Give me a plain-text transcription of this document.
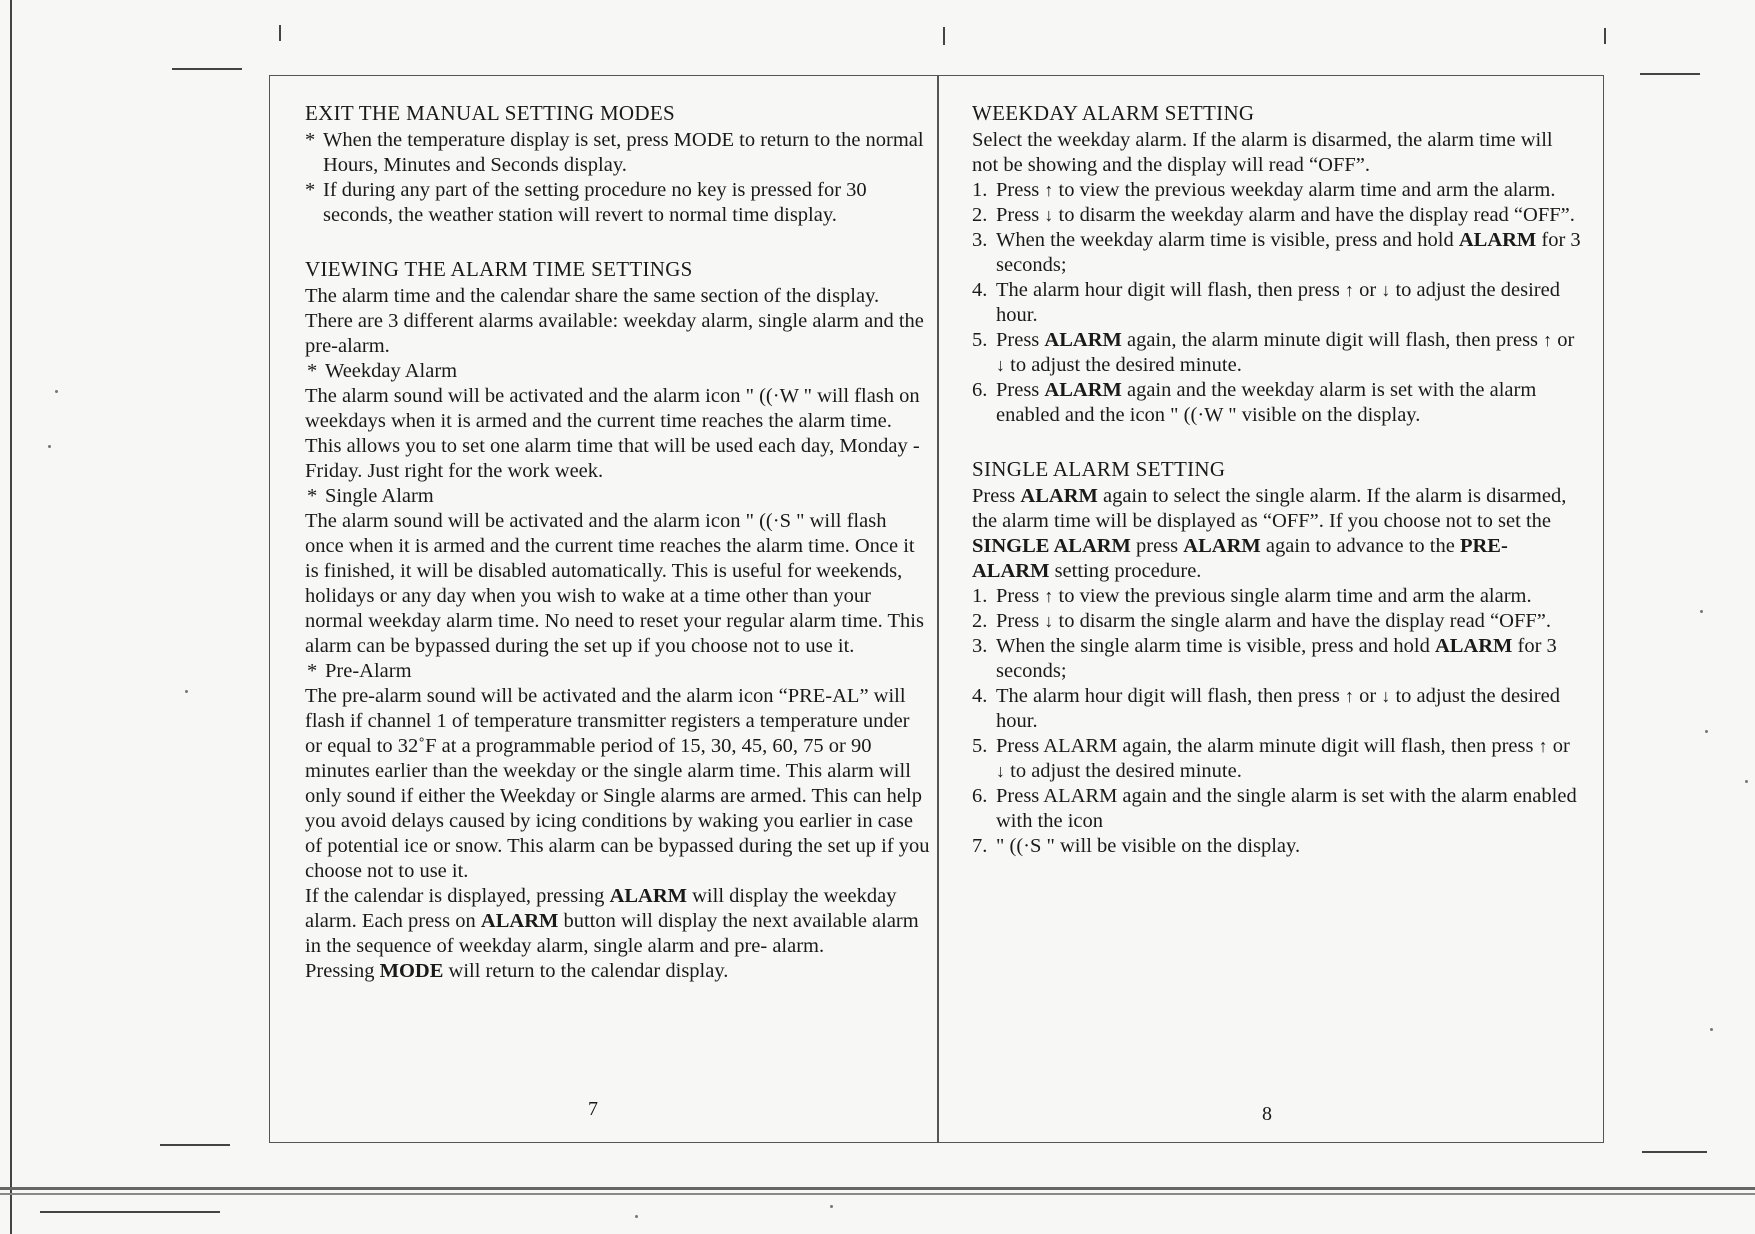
EXIT THE MANUAL SETTING MODES
* When the temperature display is set, press MODE to return to the normal Hours, Minutes and Seconds display.
* If during any part of the setting procedure no key is pressed for 30 seconds, the weather station will revert to normal time display.
VIEWING THE ALARM TIME SETTINGS

The alarm time and the calendar share the same section of the display.

There are 3 different alarms available: weekday alarm, single alarm and the pre-alarm.

* Weekday Alarm

The alarm sound will be activated and the alarm icon " ((·W " will flash on weekdays when it is armed and the current time reaches the alarm time. This allows you to set one alarm time that will be used each day, Monday - Friday. Just right for the work week.

* Single Alarm

The alarm sound will be activated and the alarm icon " ((·S " will flash once when it is armed and the current time reaches the alarm time. Once it is finished, it will be disabled automatically. This is useful for weekends, holidays or any day when you wish to wake at a time other than your normal weekday alarm time. No need to reset your regular alarm time. This alarm can be bypassed during the set up if you choose not to use it.

* Pre-Alarm

The pre-alarm sound will be activated and the alarm icon “PRE-AL” will flash if channel 1 of temperature transmitter registers a temperature under or equal to 32˚F at a programmable period of 15, 30, 45, 60, 75 or 90 minutes earlier than the weekday or the single alarm time. This alarm will only sound if either the Weekday or Single alarms are armed. This can help you avoid delays caused by icing conditions by waking you earlier in case of potential ice or snow. This alarm can be bypassed during the set up if you choose not to use it.

If the calendar is displayed, pressing ALARM will display the weekday alarm. Each press on ALARM button will display the next available alarm in the sequence of weekday alarm, single alarm and pre- alarm.

Pressing MODE will return to the calendar display.

7
WEEKDAY ALARM SETTING

Select the weekday alarm. If the alarm is disarmed, the alarm time will not be showing and the display will read “OFF”.

1. Press ↑ to view the previous weekday alarm time and arm the alarm.
2. Press ↓ to disarm the weekday alarm and have the display read “OFF”.
3. When the weekday alarm time is visible, press and hold ALARM for 3 seconds;
4. The alarm hour digit will flash, then press ↑ or ↓ to adjust the desired hour.
5. Press ALARM again, the alarm minute digit will flash, then press ↑ or ↓ to adjust the desired minute.
6. Press ALARM again and the weekday alarm is set with the alarm enabled and the icon " ((·W " visible on the display.
SINGLE ALARM SETTING

Press ALARM again to select the single alarm. If the alarm is disarmed, the alarm time will be displayed as “OFF”. If you choose not to set the SINGLE ALARM press ALARM again to advance to the PRE-ALARM setting procedure.

1. Press ↑ to view the previous single alarm time and arm the alarm.
2. Press ↓ to disarm the single alarm and have the display read “OFF”.
3. When the single alarm time is visible, press and hold ALARM for 3 seconds;
4. The alarm hour digit will flash, then press ↑ or ↓ to adjust the desired hour.
5. Press ALARM again, the alarm minute digit will flash, then press ↑ or ↓ to adjust the desired minute.
6. Press ALARM again and the single alarm is set with the alarm enabled with the icon
7. " ((·S " will be visible on the display.
8
